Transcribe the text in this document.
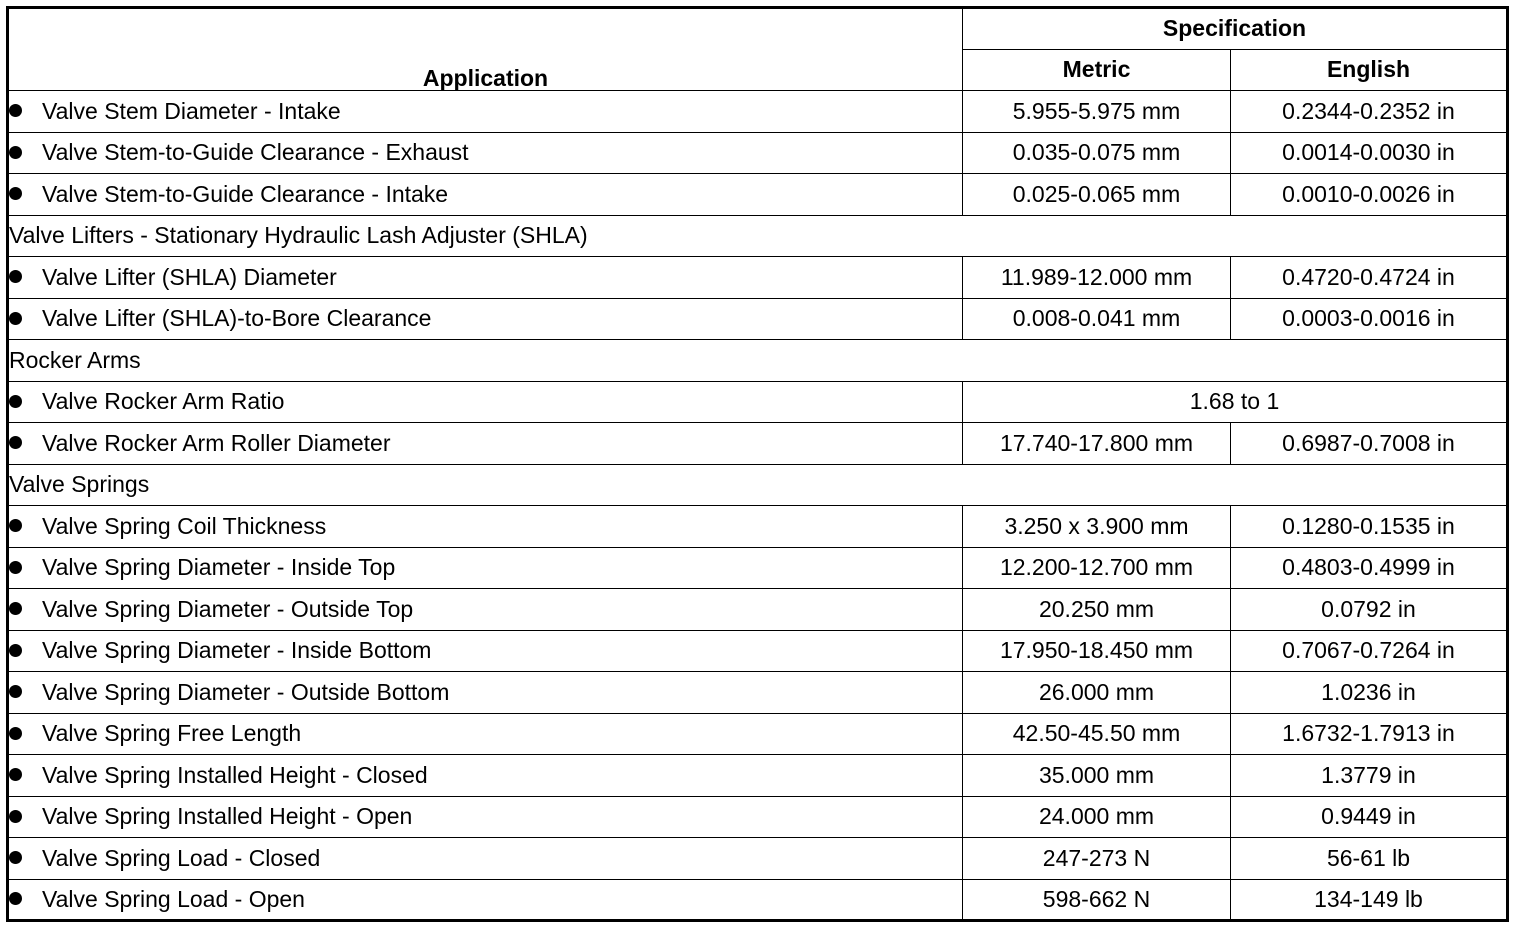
Application	Specification	
	Metric	English
Valve Stem Diameter - Intake	5.955-5.975 mm	0.2344-0.2352 in
Valve Stem-to-Guide Clearance - Exhaust	0.035-0.075 mm	0.0014-0.0030 in
Valve Stem-to-Guide Clearance - Intake	0.025-0.065 mm	0.0010-0.0026 in
Valve Lifters - Stationary Hydraulic Lash Adjuster (SHLA)		
Valve Lifter (SHLA) Diameter	11.989-12.000 mm	0.4720-0.4724 in
Valve Lifter (SHLA)-to-Bore Clearance	0.008-0.041 mm	0.0003-0.0016 in
Rocker Arms		
Valve Rocker Arm Ratio	1.68 to 1	
Valve Rocker Arm Roller Diameter	17.740-17.800 mm	0.6987-0.7008 in
Valve Springs		
Valve Spring Coil Thickness	3.250 x 3.900 mm	0.1280-0.1535 in
Valve Spring Diameter - Inside Top	12.200-12.700 mm	0.4803-0.4999 in
Valve Spring Diameter - Outside Top	20.250 mm	0.0792 in
Valve Spring Diameter - Inside Bottom	17.950-18.450 mm	0.7067-0.7264 in
Valve Spring Diameter - Outside Bottom	26.000 mm	1.0236 in
Valve Spring Free Length	42.50-45.50 mm	1.6732-1.7913 in
Valve Spring Installed Height - Closed	35.000 mm	1.3779 in
Valve Spring Installed Height - Open	24.000 mm	0.9449 in
Valve Spring Load - Closed	247-273 N	56-61 lb
Valve Spring Load - Open	598-662 N	134-149 lb
